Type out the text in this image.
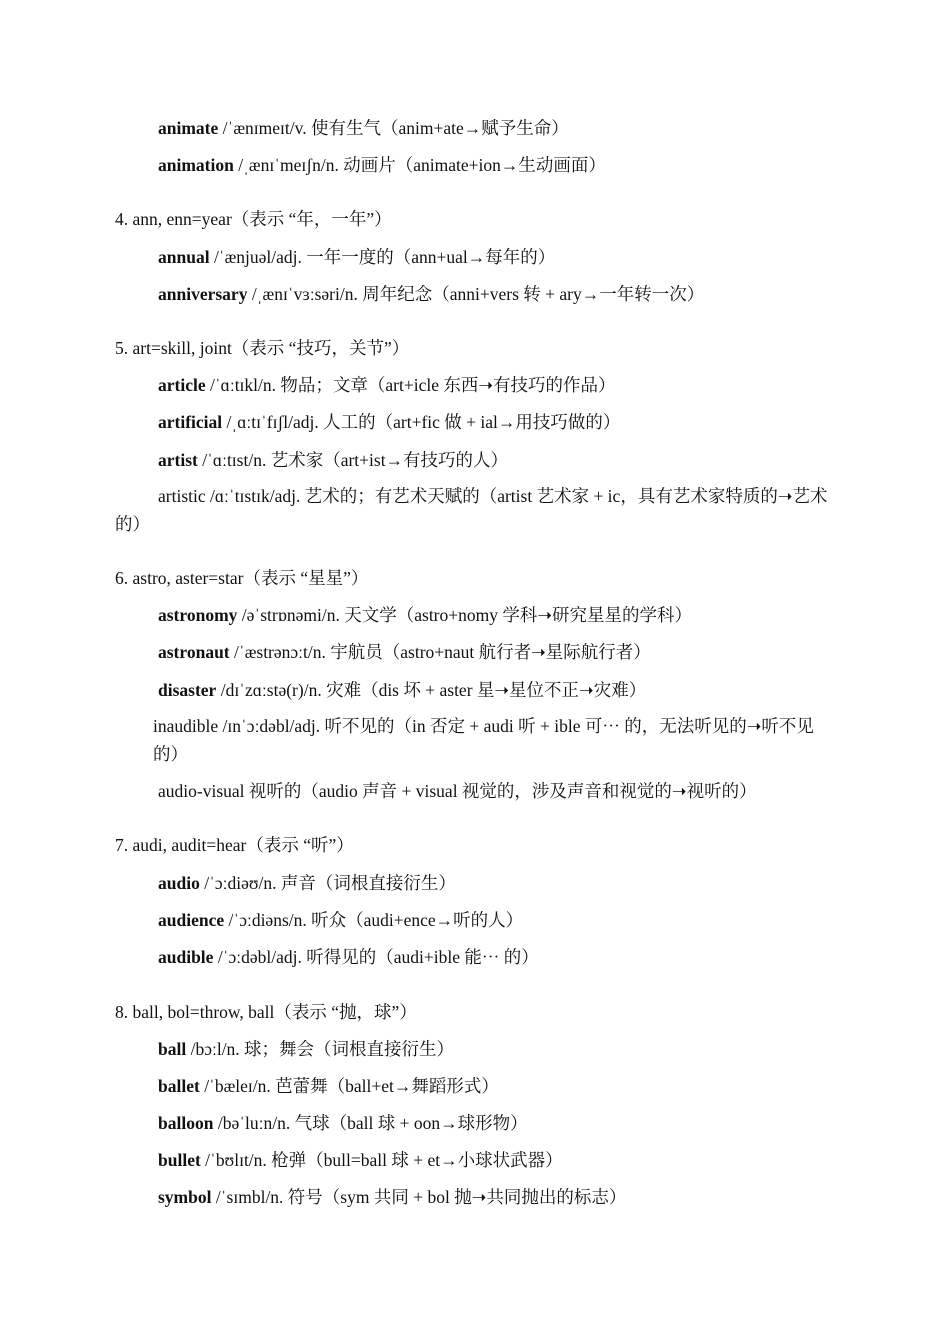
animate /ˈænɪmeɪt/v. 使有生气（anim+ate→赋予生命）
animation /ˌænɪˈmeɪʃn/n. 动画片（animate+ion→生动画面）
4. ann, enn=year（表示 “年，一年”）
annual /ˈænjuəl/adj. 一年一度的（ann+ual→每年的）
anniversary /ˌænɪˈvɜːsəri/n. 周年纪念（anni+vers 转 + ary→一年转一次）
5. art=skill, joint（表示 “技巧，关节”）
article /ˈɑːtɪkl/n. 物品；文章（art+icle 东西➝有技巧的作品）
artificial /ˌɑːtɪˈfɪʃl/adj. 人工的（art+fic 做 + ial→用技巧做的）
artist /ˈɑːtɪst/n. 艺术家（art+ist→有技巧的人）
artistic /ɑːˈtɪstɪk/adj. 艺术的；有艺术天赋的（artist 艺术家 + ic，具有艺术家特质的➝艺术的）
6. astro, aster=star（表示 “星星”）
astronomy /əˈstrɒnəmi/n. 天文学（astro+nomy 学科➝研究星星的学科）
astronaut /ˈæstrənɔːt/n. 宇航员（astro+naut 航行者➝星际航行者）
disaster /dɪˈzɑːstə(r)/n. 灾难（dis 坏 + aster 星➝星位不正➝灾难）
inaudible /ɪnˈɔːdəbl/adj. 听不见的（in 否定 + audi 听 + ible 可⋯ 的，无法听见的➝听不见的）
audio-visual 视听的（audio 声音 + visual 视觉的，涉及声音和视觉的➝视听的）
7. audi, audit=hear（表示 “听”）
audio /ˈɔːdiəʊ/n. 声音（词根直接衍生）
audience /ˈɔːdiəns/n. 听众（audi+ence→听的人）
audible /ˈɔːdəbl/adj. 听得见的（audi+ible 能⋯ 的）
8. ball, bol=throw, ball（表示 “抛，球”）
ball /bɔːl/n. 球；舞会（词根直接衍生）
ballet /ˈbæleɪ/n. 芭蕾舞（ball+et→舞蹈形式）
balloon /bəˈluːn/n. 气球（ball 球 + oon→球形物）
bullet /ˈbʊlɪt/n. 枪弹（bull=ball 球 + et→小球状武器）
symbol /ˈsɪmbl/n. 符号（sym 共同 + bol 抛➝共同抛出的标志）
